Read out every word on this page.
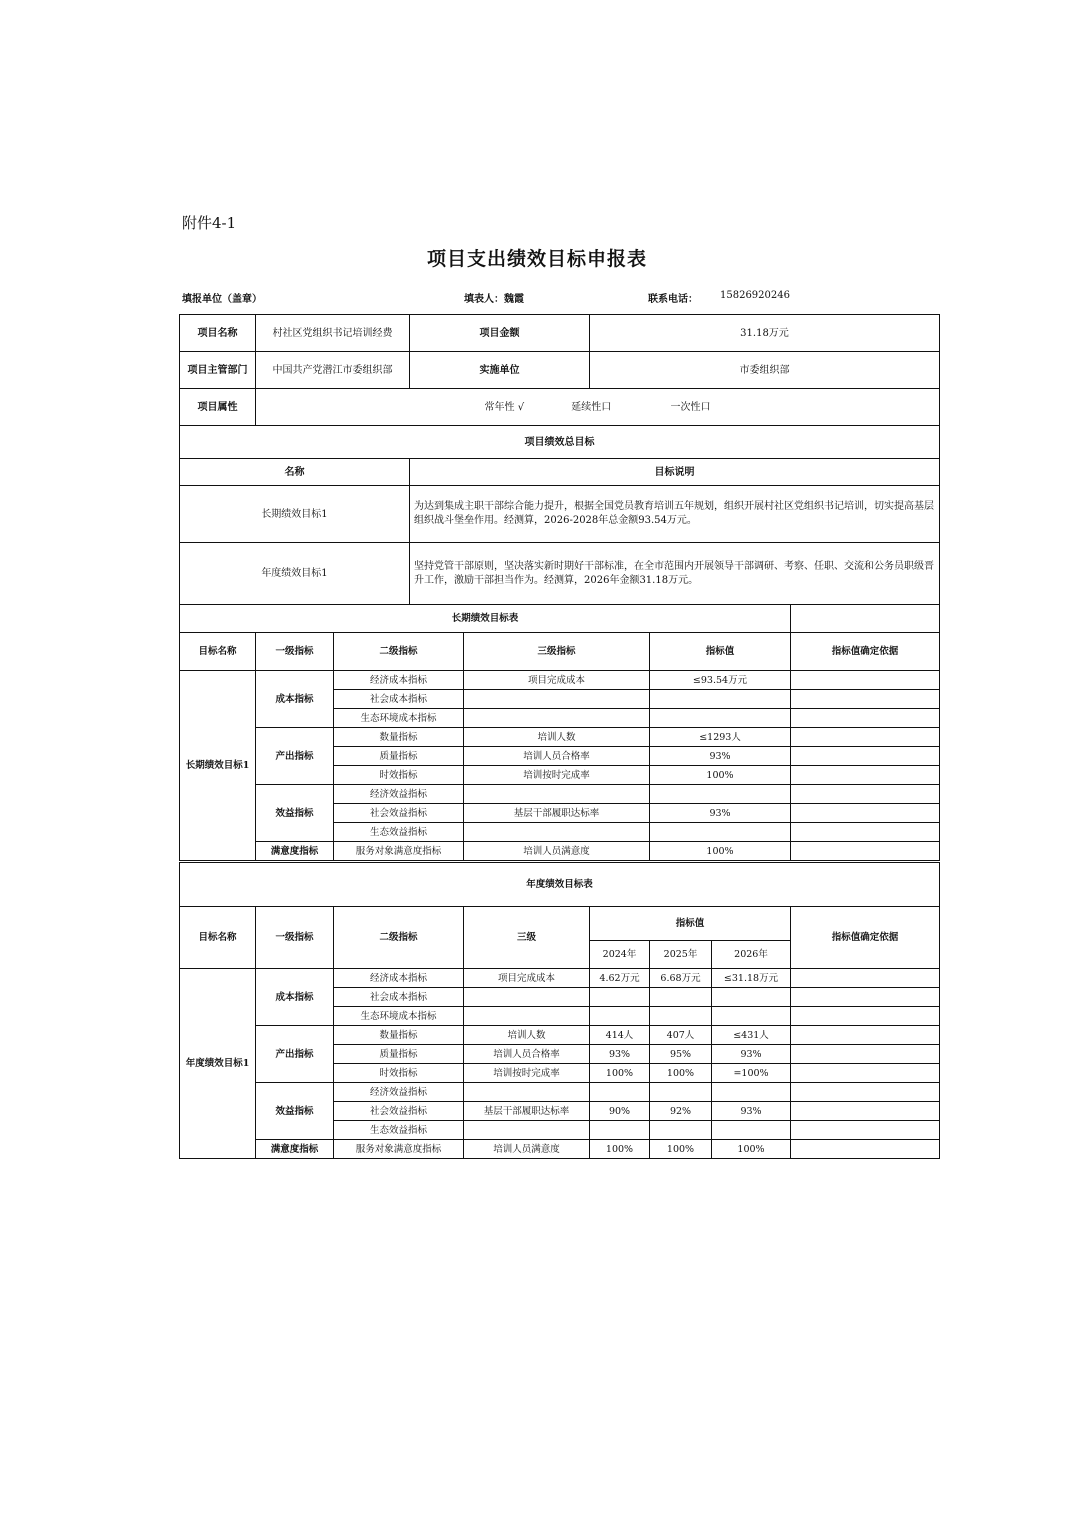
附件4-1
项目支出绩效目标申报表
填报单位（盖章）	填表人：魏霞	联系电话： 15826920246
项目名称	村社区党组织书记培训经费	项目金额	31.18万元
项目主管部门	中国共产党潜江市委组织部	实施单位	市委组织部
项目属性	常年性 √ 延续性口 一次性口		
项目绩效总目标			
名称		目标说明	
长期绩效目标1		为达到集成主职干部综合能力提升，根据全国党员教育培训五年规划，组织开展村社区党组织书记培训，切实提高基层组织战斗堡垒作用。经测算，2026-2028年总金额93.54万元。	
年度绩效目标1		坚持党管干部原则，坚决落实新时期好干部标准，在全市范围内开展领导干部调研、考察、任职、交流和公务员职级晋升工作，激励干部担当作为。经测算，2026年金额31.18万元。	
长期绩效目标表					
目标名称	一级指标	二级指标	三级指标	指标值	指标值确定依据
长期绩效目标1	成本指标	经济成本指标	项目完成成本	≤93.54万元	
		社会成本指标			
		生态环境成本指标			
	产出指标	数量指标	培训人数	≤1293人	
		质量指标	培训人员合格率	93%	
		时效指标	培训按时完成率	100%	
	效益指标	经济效益指标			
		社会效益指标	基层干部履职达标率	93%	
		生态效益指标			
	满意度指标	服务对象满意度指标	培训人员满意度	100%	
年度绩效目标表							
目标名称	一级指标	二级指标	三级	指标值			指标值确定依据
				2024年	2025年	2026年	
年度绩效目标1	成本指标	经济成本指标	项目完成成本	4.62万元	6.68万元	≤31.18万元	
		社会成本指标					
		生态环境成本指标					
	产出指标	数量指标	培训人数	414人	407人	≤431人	
		质量指标	培训人员合格率	93%	95%	93%	
		时效指标	培训按时完成率	100%	100%	=100%	
	效益指标	经济效益指标					
		社会效益指标	基层干部履职达标率	90%	92%	93%	
		生态效益指标					
	满意度指标	服务对象满意度指标	培训人员满意度	100%	100%	100%	
